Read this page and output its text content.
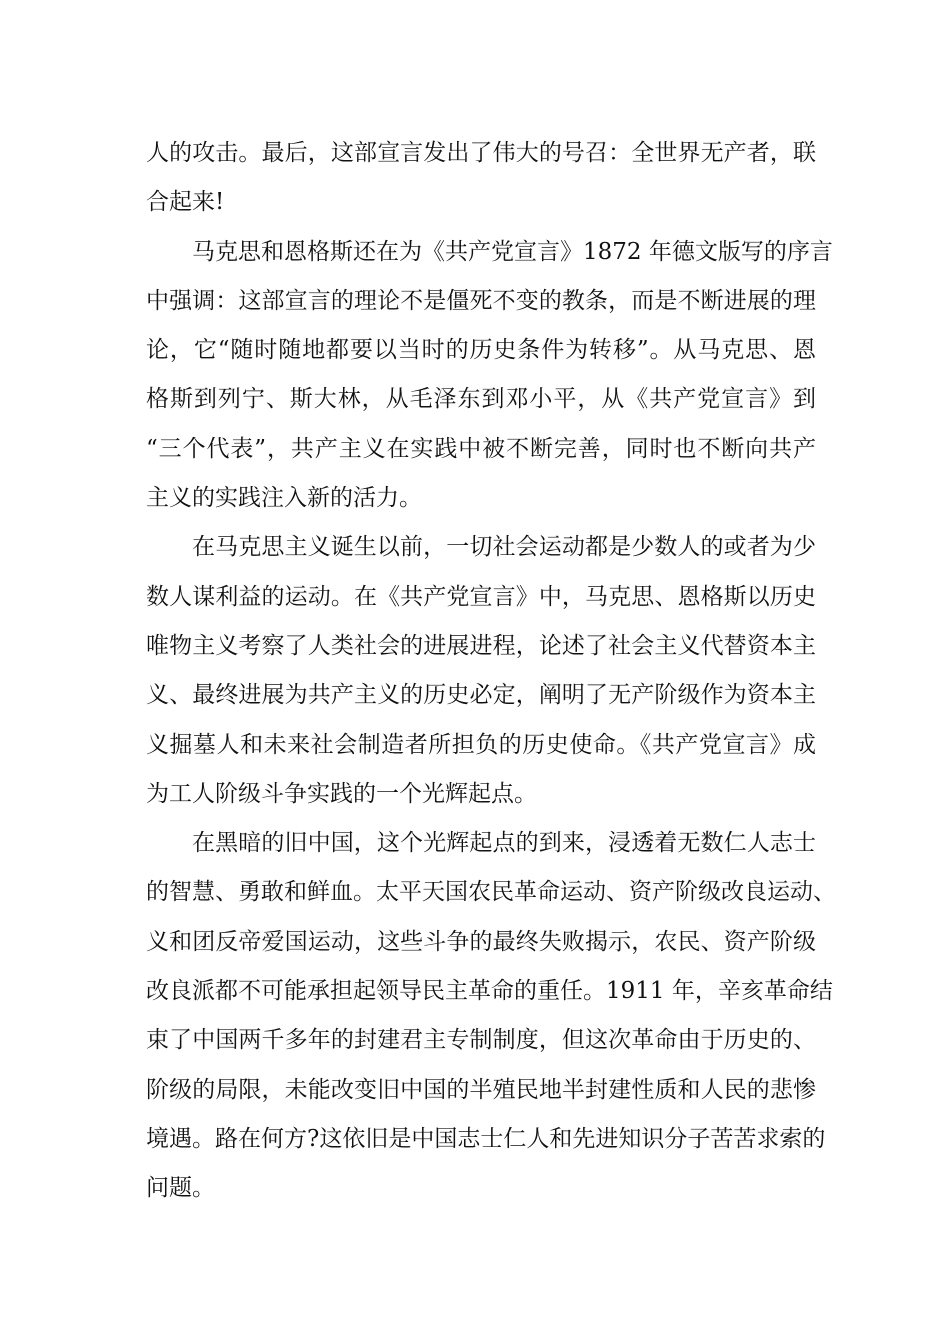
人的攻击。最后，这部宣言发出了伟大的号召：全世界无产者，联
合起来!
马克思和恩格斯还在为《共产党宣言》1872 年德文版写的序言
中强调：这部宣言的理论不是僵死不变的教条，而是不断进展的理
论，它“随时随地都要以当时的历史条件为转移”。从马克思、恩
格斯到列宁、斯大林，从毛泽东到邓小平，从《共产党宣言》到
“三个代表”，共产主义在实践中被不断完善，同时也不断向共产
主义的实践注入新的活力。
在马克思主义诞生以前，一切社会运动都是少数人的或者为少
数人谋利益的运动。在《共产党宣言》中，马克思、恩格斯以历史
唯物主义考察了人类社会的进展进程，论述了社会主义代替资本主
义、最终进展为共产主义的历史必定，阐明了无产阶级作为资本主
义掘墓人和未来社会制造者所担负的历史使命。《共产党宣言》成
为工人阶级斗争实践的一个光辉起点。
在黑暗的旧中国，这个光辉起点的到来，浸透着无数仁人志士
的智慧、勇敢和鲜血。太平天国农民革命运动、资产阶级改良运动、
义和团反帝爱国运动，这些斗争的最终失败揭示，农民、资产阶级
改良派都不可能承担起领导民主革命的重任。1911 年，辛亥革命结
束了中国两千多年的封建君主专制制度，但这次革命由于历史的、
阶级的局限，未能改变旧中国的半殖民地半封建性质和人民的悲惨
境遇。路在何方?这依旧是中国志士仁人和先进知识分子苦苦求索的
问题。
